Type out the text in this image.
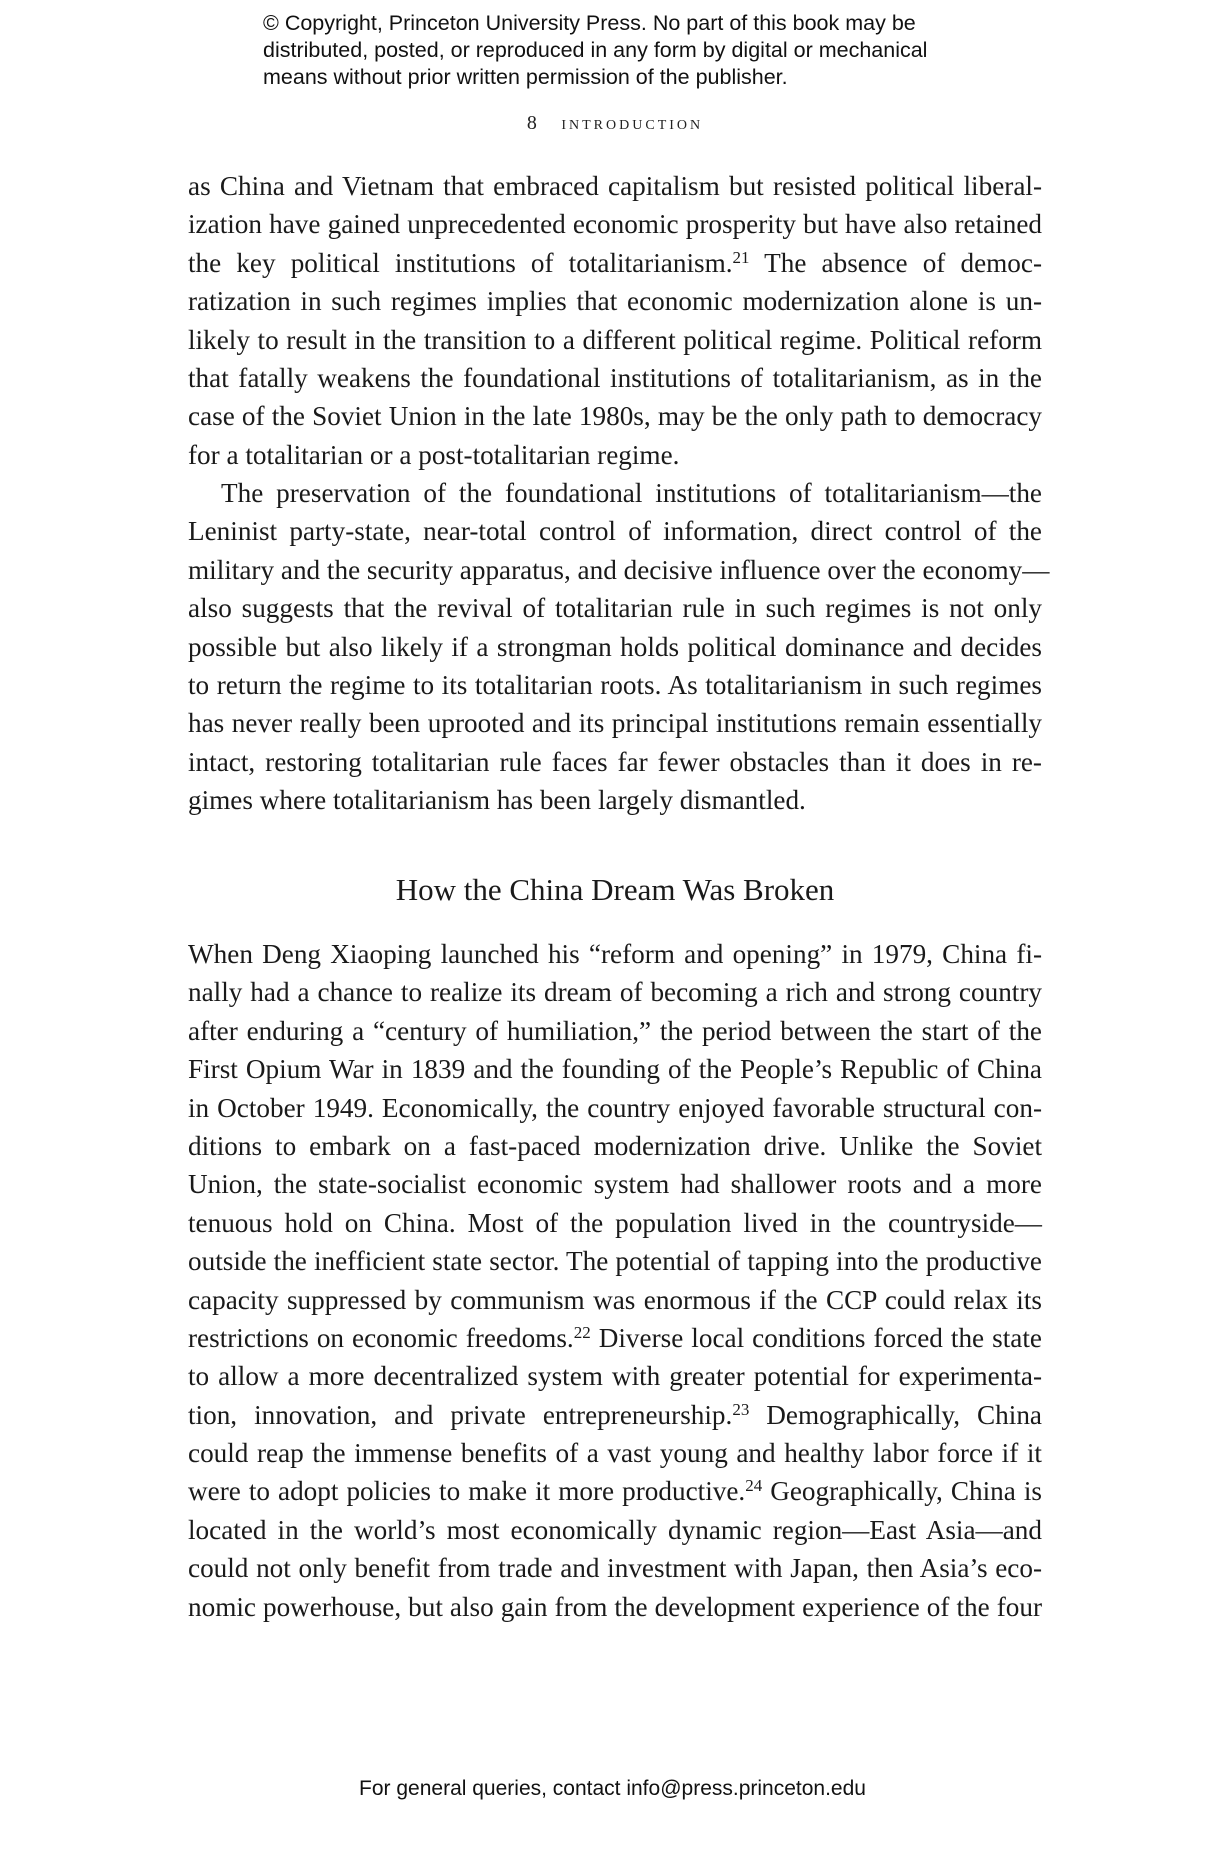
© Copyright, Princeton University Press. No part of this book may be
distributed, posted, or reproduced in any form by digital or mechanical
means without prior written permission of the publisher.
8 introduction
as China and Vietnam that embraced capitalism but resisted political liberal-
ization have gained unprecedented economic prosperity but have also retained
the key political institutions of totalitarianism.$^{21}$ The absence of democ-
ratization in such regimes implies that economic modernization alone is un-
likely to result in the transition to a different political regime. Political reform
that fatally weakens the foundational institutions of totalitarianism, as in the
case of the Soviet Union in the late 1980s, may be the only path to democracy
for a totalitarian or a post-totalitarian regime.
The preservation of the foundational institutions of totalitarianism—the
Leninist party-state, near-total control of information, direct control of the
military and the security apparatus, and decisive influence over the economy—
also suggests that the revival of totalitarian rule in such regimes is not only
possible but also likely if a strongman holds political dominance and decides
to return the regime to its totalitarian roots. As totalitarianism in such regimes
has never really been uprooted and its principal institutions remain essentially
intact, restoring totalitarian rule faces far fewer obstacles than it does in re-
gimes where totalitarianism has been largely dismantled.
How the China Dream Was Broken
When Deng Xiaoping launched his “reform and opening” in 1979, China fi-
nally had a chance to realize its dream of becoming a rich and strong country
after enduring a “century of humiliation,” the period between the start of the
First Opium War in 1839 and the founding of the People’s Republic of China
in October 1949. Economically, the country enjoyed favorable structural con-
ditions to embark on a fast-paced modernization drive. Unlike the Soviet
Union, the state-socialist economic system had shallower roots and a more
tenuous hold on China. Most of the population lived in the countryside—
outside the inefficient state sector. The potential of tapping into the productive
capacity suppressed by communism was enormous if the CCP could relax its
restrictions on economic freedoms.$^{22}$ Diverse local conditions forced the state
to allow a more decentralized system with greater potential for experimenta-
tion, innovation, and private entrepreneurship.$^{23}$ Demographically, China
could reap the immense benefits of a vast young and healthy labor force if it
were to adopt policies to make it more productive.$^{24}$ Geographically, China is
located in the world’s most economically dynamic region—East Asia—and
could not only benefit from trade and investment with Japan, then Asia’s eco-
nomic powerhouse, but also gain from the development experience of the four
For general queries, contact info@press.princeton.edu
